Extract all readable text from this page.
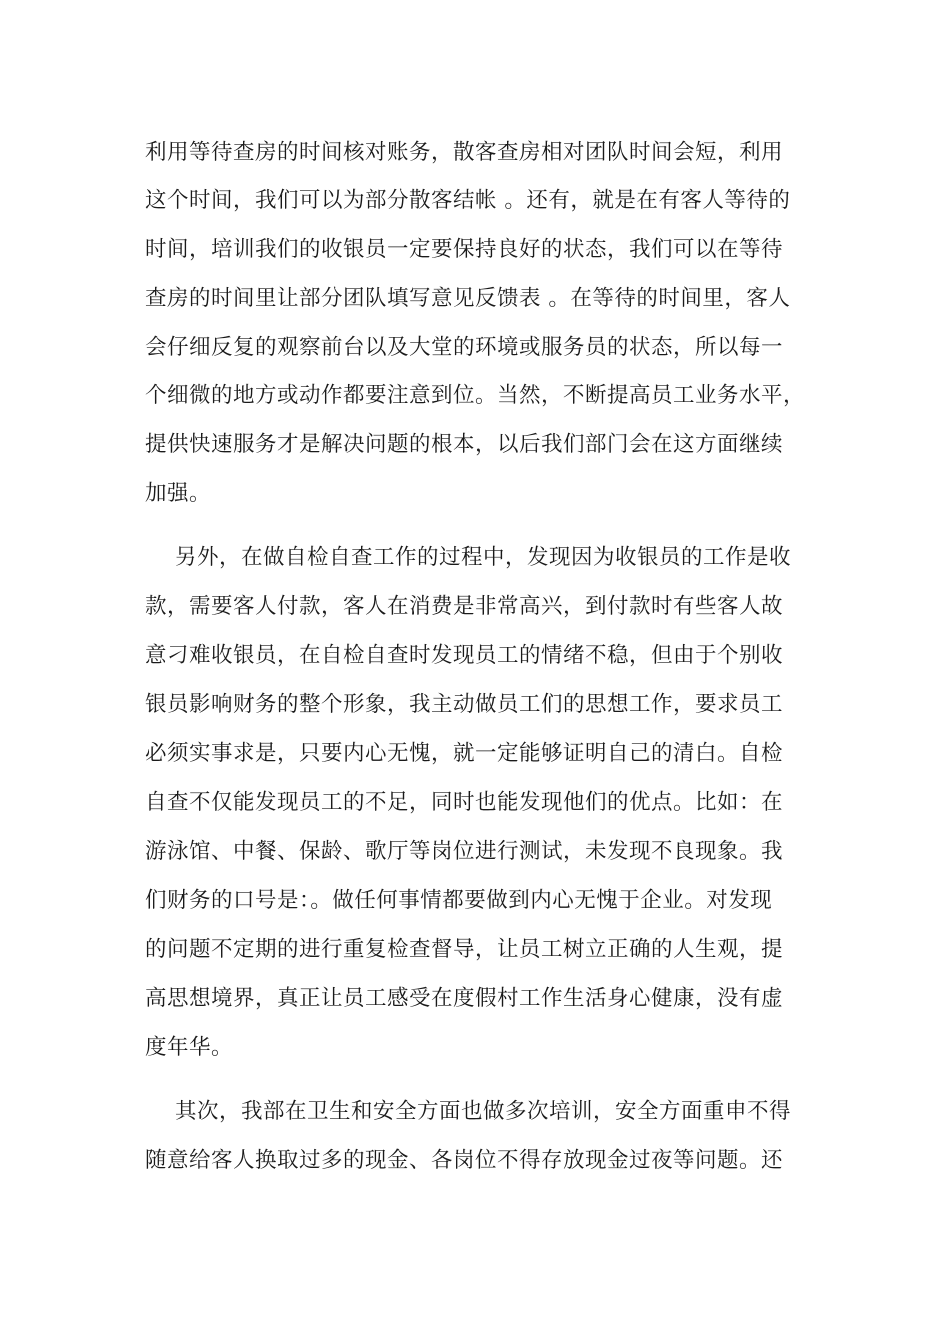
利用等待查房的时间核对账务，散客查房相对团队时间会短，利用
这个时间，我们可以为部分散客结帐 。还有，就是在有客人等待的
时间，培训我们的收银员一定要保持良好的状态，我们可以在等待
查房的时间里让部分团队填写意见反馈表 。在等待的时间里，客人
会仔细反复的观察前台以及大堂的环境或服务员的状态，所以每一
个细微的地方或动作都要注意到位。当然，不断提高员工业务水平，
提供快速服务才是解决问题的根本，以后我们部门会在这方面继续
加强。
另外，在做自检自查工作的过程中，发现因为收银员的工作是收
款，需要客人付款，客人在消费是非常高兴，到付款时有些客人故
意刁难收银员，在自检自查时发现员工的情绪不稳，但由于个别收
银员影响财务的整个形象，我主动做员工们的思想工作，要求员工
必须实事求是，只要内心无愧，就一定能够证明自己的清白。自检
自查不仅能发现员工的不足，同时也能发现他们的优点。比如：在
游泳馆、中餐、保龄、歌厅等岗位进行测试，未发现不良现象。我
们财务的口号是：。做任何事情都要做到内心无愧于企业。对发现
的问题不定期的进行重复检查督导，让员工树立正确的人生观，提
高思想境界，真正让员工感受在度假村工作生活身心健康，没有虚
度年华。
其次，我部在卫生和安全方面也做多次培训，安全方面重申不得
随意给客人换取过多的现金、各岗位不得存放现金过夜等问题。还
